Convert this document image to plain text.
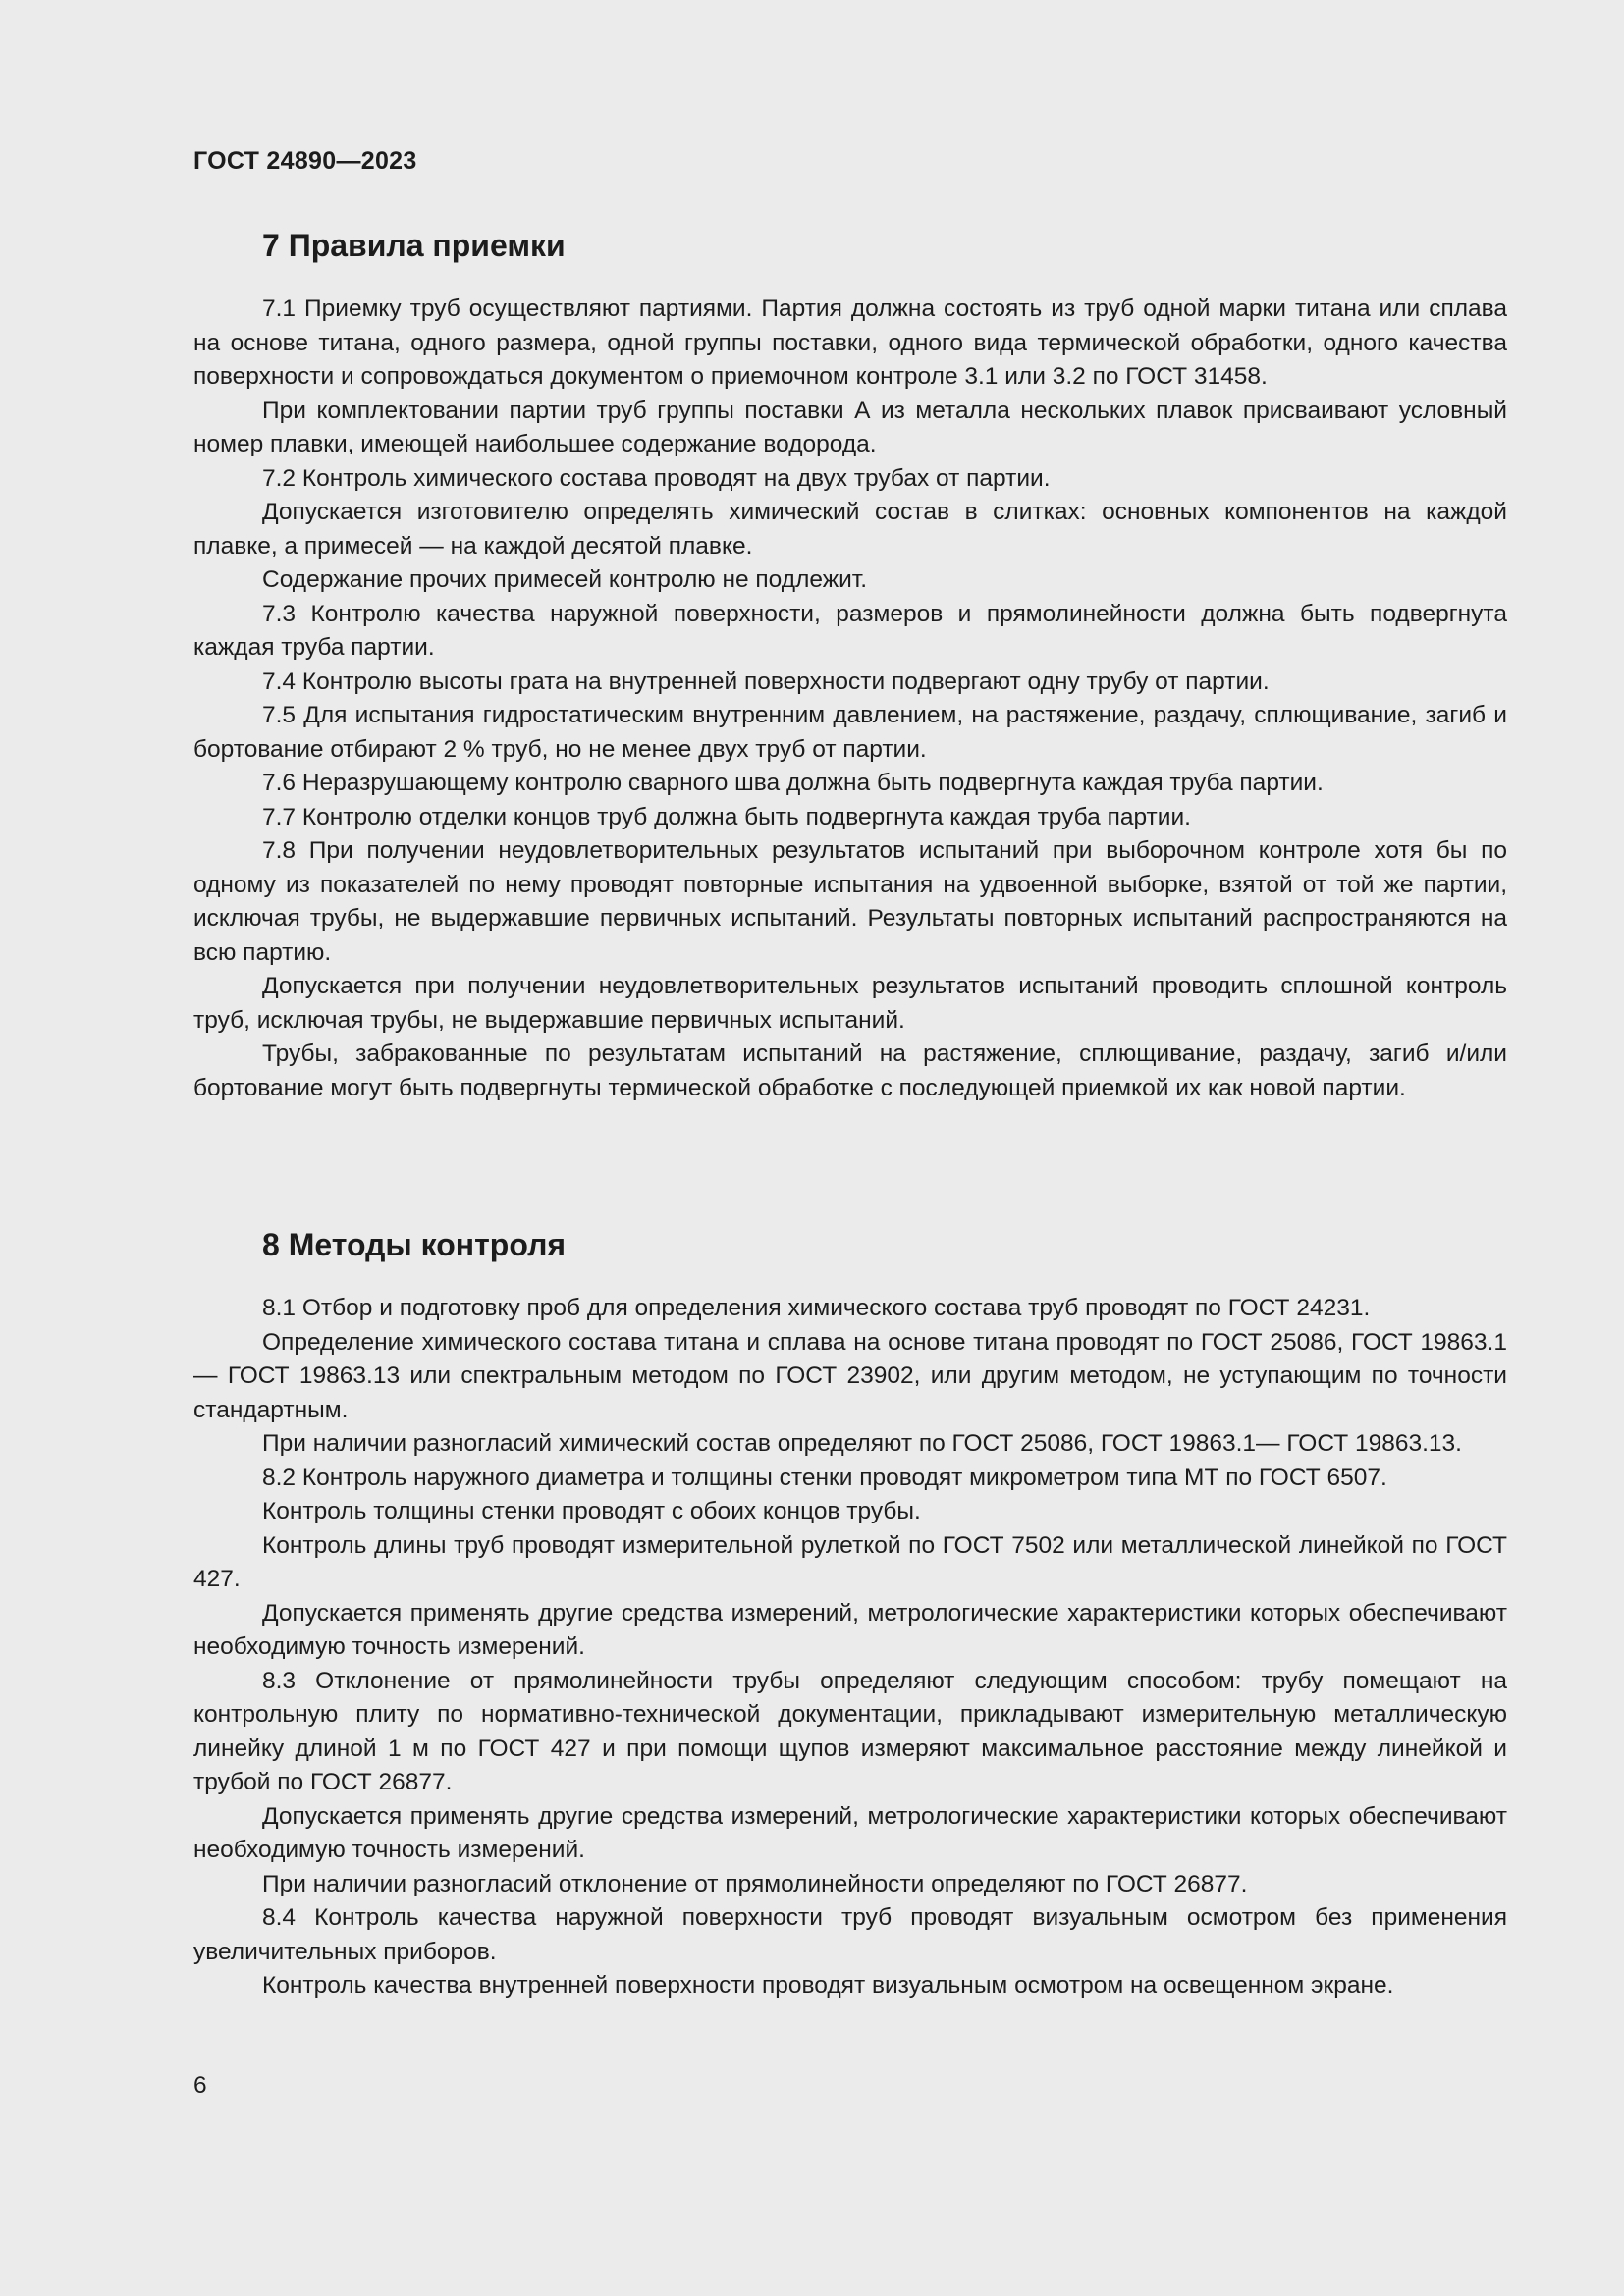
ГОСТ 24890—2023
7 Правила приемки

7.1 Приемку труб осуществляют партиями. Партия должна состоять из труб одной марки титана или сплава на основе титана, одного размера, одной группы поставки, одного вида термической обработки, одного качества поверхности и сопровождаться документом о приемочном контроле 3.1 или 3.2 по ГОСТ 31458.

При комплектовании партии труб группы поставки А из металла нескольких плавок присваивают условный номер плавки, имеющей наибольшее содержание водорода.

7.2 Контроль химического состава проводят на двух трубах от партии.

Допускается изготовителю определять химический состав в слитках: основных компонентов на каждой плавке, а примесей — на каждой десятой плавке.

Содержание прочих примесей контролю не подлежит.

7.3 Контролю качества наружной поверхности, размеров и прямолинейности должна быть подвергнута каждая труба партии.

7.4 Контролю высоты грата на внутренней поверхности подвергают одну трубу от партии.

7.5 Для испытания гидростатическим внутренним давлением, на растяжение, раздачу, сплющивание, загиб и бортование отбирают 2 % труб, но не менее двух труб от партии.

7.6 Неразрушающему контролю сварного шва должна быть подвергнута каждая труба партии.

7.7 Контролю отделки концов труб должна быть подвергнута каждая труба партии.

7.8 При получении неудовлетворительных результатов испытаний при выборочном контроле хотя бы по одному из показателей по нему проводят повторные испытания на удвоенной выборке, взятой от той же партии, исключая трубы, не выдержавшие первичных испытаний. Результаты повторных испытаний распространяются на всю партию.

Допускается при получении неудовлетворительных результатов испытаний проводить сплошной контроль труб, исключая трубы, не выдержавшие первичных испытаний.

Трубы, забракованные по результатам испытаний на растяжение, сплющивание, раздачу, загиб и/или бортование могут быть подвергнуты термической обработке с последующей приемкой их как новой партии.

8 Методы контроля

8.1 Отбор и подготовку проб для определения химического состава труб проводят по ГОСТ 24231.

Определение химического состава титана и сплава на основе титана проводят по ГОСТ 25086, ГОСТ 19863.1 — ГОСТ 19863.13 или спектральным методом по ГОСТ 23902, или другим методом, не уступающим по точности стандартным.

При наличии разногласий химический состав определяют по ГОСТ 25086, ГОСТ 19863.1— ГОСТ 19863.13.

8.2 Контроль наружного диаметра и толщины стенки проводят микрометром типа МТ по ГОСТ 6507.

Контроль толщины стенки проводят с обоих концов трубы.

Контроль длины труб проводят измерительной рулеткой по ГОСТ 7502 или металлической линейкой по ГОСТ 427.

Допускается применять другие средства измерений, метрологические характеристики которых обеспечивают необходимую точность измерений.

8.3 Отклонение от прямолинейности трубы определяют следующим способом: трубу помещают на контрольную плиту по нормативно-технической документации, прикладывают измерительную металлическую линейку длиной 1 м по ГОСТ 427 и при помощи щупов измеряют максимальное расстояние между линейкой и трубой по ГОСТ 26877.

Допускается применять другие средства измерений, метрологические характеристики которых обеспечивают необходимую точность измерений.

При наличии разногласий отклонение от прямолинейности определяют по ГОСТ 26877.

8.4 Контроль качества наружной поверхности труб проводят визуальным осмотром без применения увеличительных приборов.

Контроль качества внутренней поверхности проводят визуальным осмотром на освещенном экране.

6
